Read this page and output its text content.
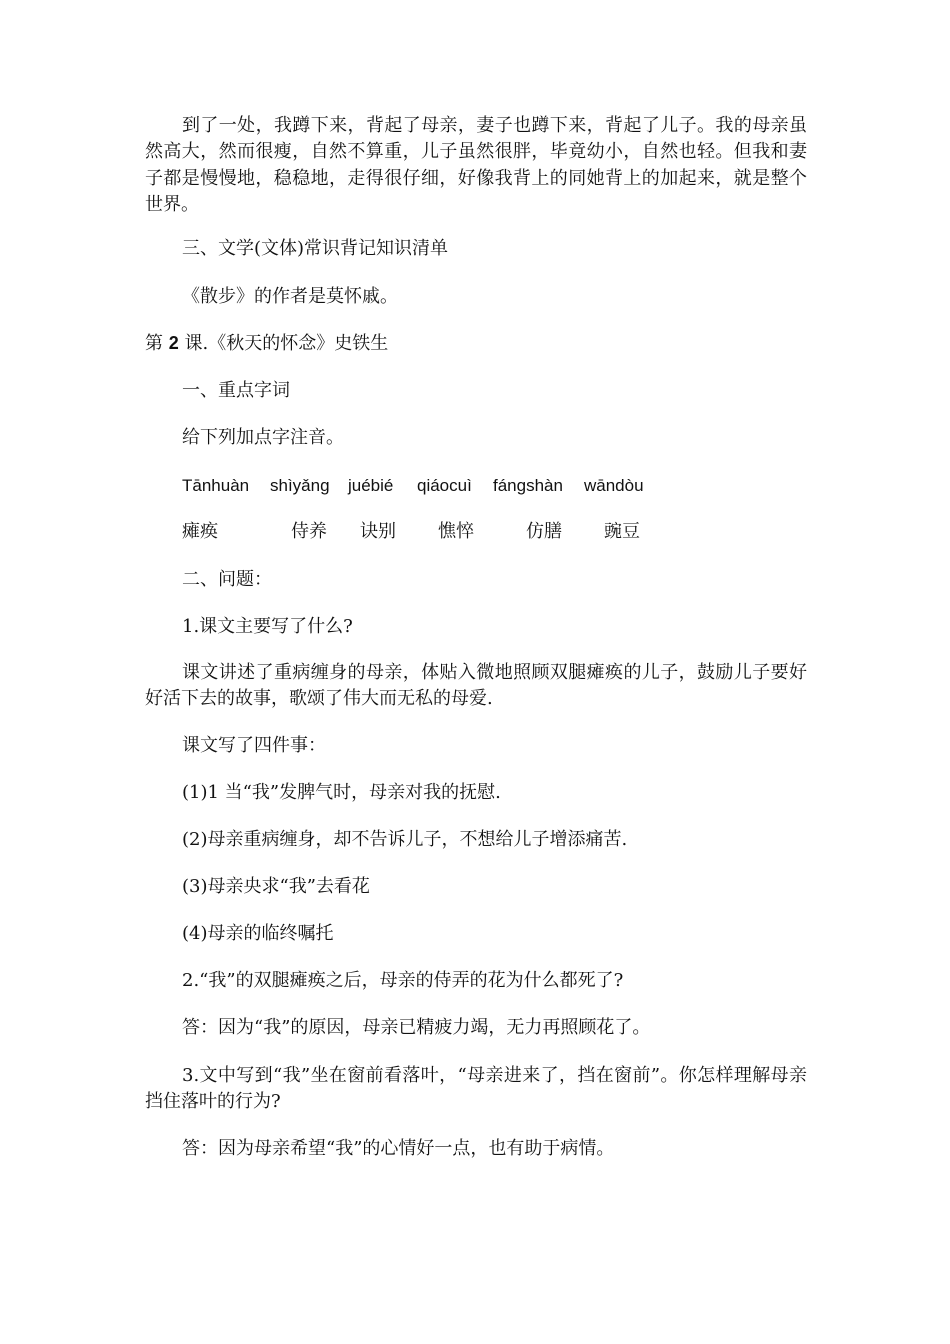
到了一处，我蹲下来，背起了母亲，妻子也蹲下来，背起了儿子。我的母亲虽然高大，然而很瘦，自然不算重，儿子虽然很胖，毕竟幼小，自然也轻。但我和妻子都是慢慢地，稳稳地，走得很仔细，好像我背上的同她背上的加起来，就是整个世界。

三、文学(文体)常识背记知识清单

《散步》的作者是莫怀戚。

第 2 课.《秋天的怀念》史铁生

一、重点字词

给下列加点字注音。

Tānhuàn shìyǎng juébié qiáocuì fángshàn wāndòu
瘫痪	侍养 诀别 憔悴	仿膳 豌豆

二、问题：

1.课文主要写了什么?

课文讲述了重病缠身的母亲，体贴入微地照顾双腿瘫痪的儿子，鼓励儿子要好好活下去的故事，歌颂了伟大而无私的母爱.

课文写了四件事：

(1)1 当“我”发脾气时，母亲对我的抚慰.

(2)母亲重病缠身，却不告诉儿子，不想给儿子增添痛苦.

(3)母亲央求“我”去看花

(4)母亲的临终嘱托

2.“我”的双腿瘫痪之后，母亲的侍弄的花为什么都死了?

答：因为“我”的原因，母亲已精疲力竭，无力再照顾花了。

3.文中写到“我”坐在窗前看落叶，“母亲进来了，挡在窗前”。你怎样理解母亲挡住落叶的行为?

答：因为母亲希望“我”的心情好一点，也有助于病情。
